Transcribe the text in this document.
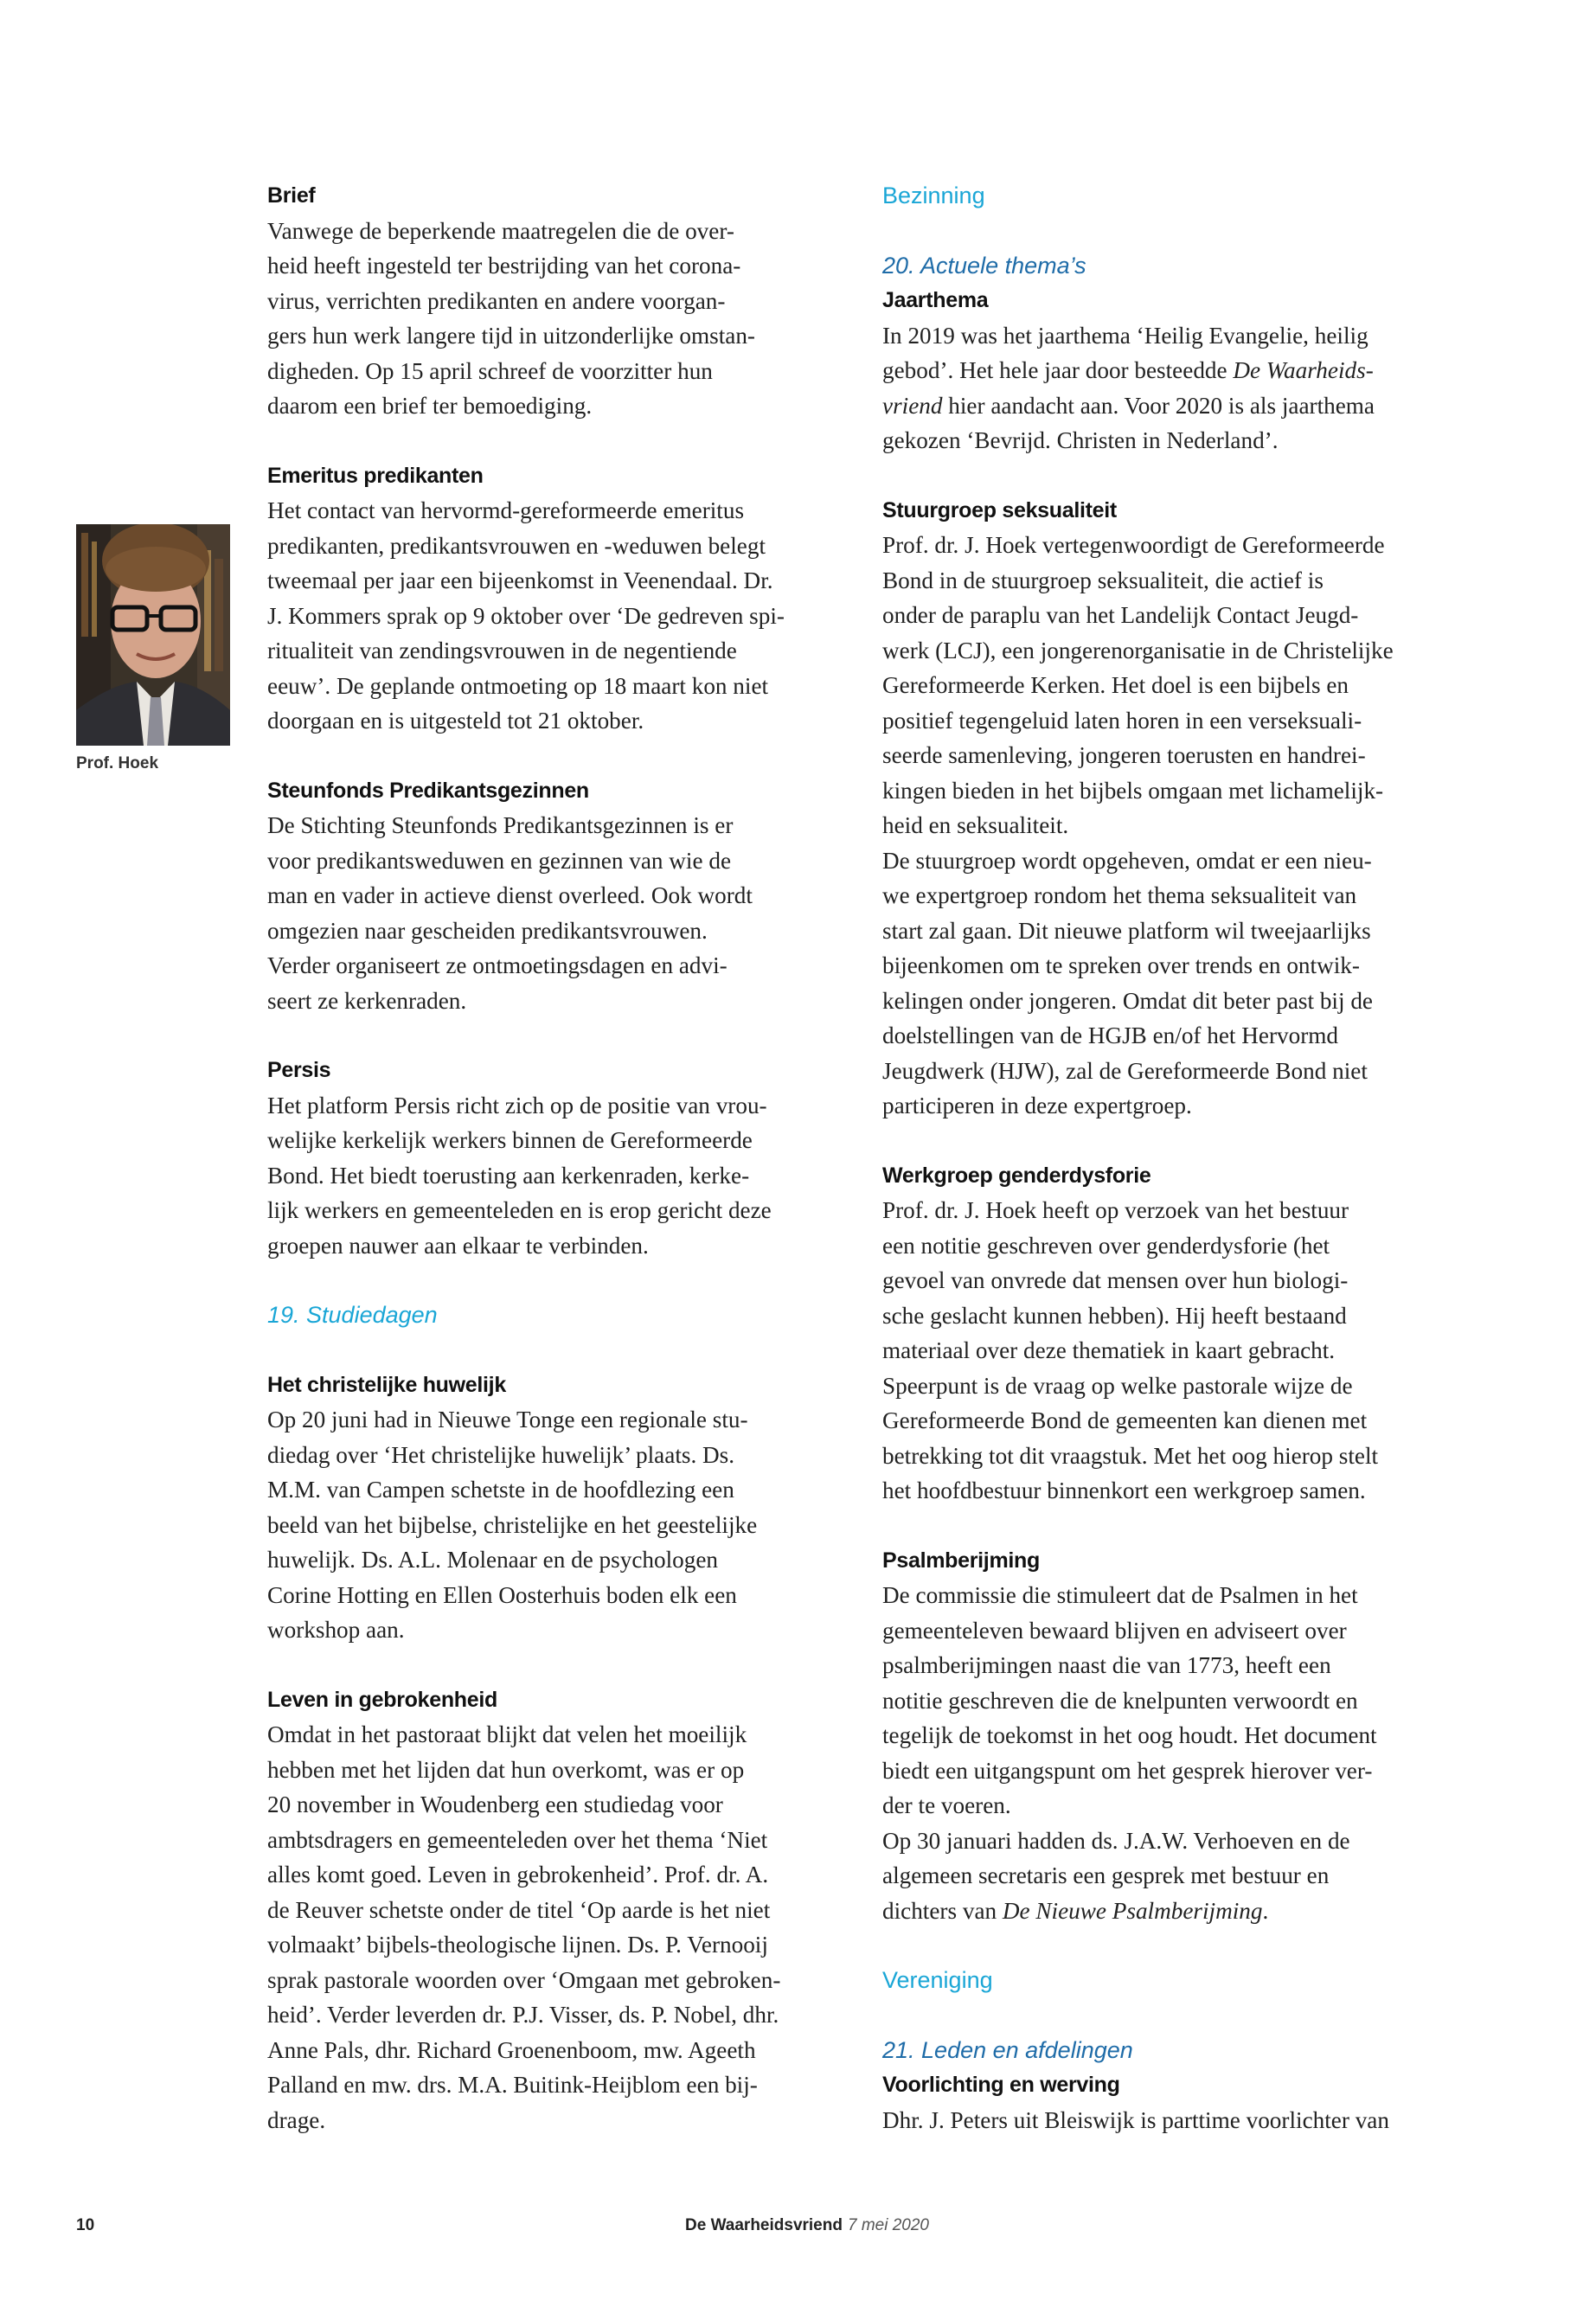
Brief
Vanwege de beperkende maatregelen die de over-
heid heeft ingesteld ter bestrijding van het corona-
virus, verrichten predikanten en andere voorgan-
gers hun werk langere tijd in uitzonderlijke omstan-
digheden. Op 15 april schreef de voorzitter hun
daarom een brief ter bemoediging.
Emeritus predikanten
Het contact van hervormd-gereformeerde emeritus
predikanten, predikantsvrouwen en -weduwen belegt
tweemaal per jaar een bijeenkomst in Veenendaal. Dr.
J. Kommers sprak op 9 oktober over ‘De gedreven spi-
ritualiteit van zendingsvrouwen in de negentiende
eeuw’. De geplande ontmoeting op 18 maart kon niet
doorgaan en is uitgesteld tot 21 oktober.
Steunfonds Predikantsgezinnen
De Stichting Steunfonds Predikantsgezinnen is er
voor predikantsweduwen en gezinnen van wie de
man en vader in actieve dienst overleed. Ook wordt
omgezien naar gescheiden predikantsvrouwen.
Verder organiseert ze ontmoetingsdagen en advi-
seert ze kerkenraden.
Persis
Het platform Persis richt zich op de positie van vrou-
welijke kerkelijk werkers binnen de Gereformeerde
Bond. Het biedt toerusting aan kerkenraden, kerke-
lijk werkers en gemeenteleden en is erop gericht deze
groepen nauwer aan elkaar te verbinden.
19. Studiedagen
Het christelijke huwelijk
Op 20 juni had in Nieuwe Tonge een regionale stu-
diedag over ‘Het christelijke huwelijk’ plaats. Ds.
M.M. van Campen schetste in de hoofdlezing een
beeld van het bijbelse, christelijke en het geestelijke
huwelijk. Ds. A.L. Molenaar en de psychologen
Corine Hotting en Ellen Oosterhuis boden elk een
workshop aan.
Leven in gebrokenheid
Omdat in het pastoraat blijkt dat velen het moeilijk
hebben met het lijden dat hun overkomt, was er op
20 november in Woudenberg een studiedag voor
ambtsdragers en gemeenteleden over het thema ‘Niet
alles komt goed. Leven in gebrokenheid’. Prof. dr. A.
de Reuver schetste onder de titel ‘Op aarde is het niet
volmaakt’ bijbels-theologische lijnen. Ds. P. Vernooij
sprak pastorale woorden over ‘Omgaan met gebroken-
heid’. Verder leverden dr. P.J. Visser, ds. P. Nobel, dhr.
Anne Pals, dhr. Richard Groenenboom, mw. Ageeth
Palland en mw. drs. M.A. Buitink-Heijblom een bij-
drage.
Bezinning
20. Actuele thema’s
Jaarthema
In 2019 was het jaarthema ‘Heilig Evangelie, heilig
gebod’. Het hele jaar door besteedde De Waarheids-
vriend hier aandacht aan. Voor 2020 is als jaarthema
gekozen ‘Bevrijd. Christen in Nederland’.
Stuurgroep seksualiteit
Prof. dr. J. Hoek vertegenwoordigt de Gereformeerde
Bond in de stuurgroep seksualiteit, die actief is
onder de paraplu van het Landelijk Contact Jeugd-
werk (LCJ), een jongerenorganisatie in de Christelijke
Gereformeerde Kerken. Het doel is een bijbels en
positief tegengeluid laten horen in een verseksuali-
seerde samenleving, jongeren toerusten en handrei-
kingen bieden in het bijbels omgaan met lichamelijk-
heid en seksualiteit.
De stuurgroep wordt opgeheven, omdat er een nieu-
we expertgroep rondom het thema seksualiteit van
start zal gaan. Dit nieuwe platform wil tweejaarlijks
bijeenkomen om te spreken over trends en ontwik-
kelingen onder jongeren. Omdat dit beter past bij de
doelstellingen van de HGJB en/of het Hervormd
Jeugdwerk (HJW), zal de Gereformeerde Bond niet
participeren in deze expertgroep.
Werkgroep genderdysforie
Prof. dr. J. Hoek heeft op verzoek van het bestuur
een notitie geschreven over genderdysforie (het
gevoel van onvrede dat mensen over hun biologi-
sche geslacht kunnen hebben). Hij heeft bestaand
materiaal over deze thematiek in kaart gebracht.
Speerpunt is de vraag op welke pastorale wijze de
Gereformeerde Bond de gemeenten kan dienen met
betrekking tot dit vraagstuk. Met het oog hierop stelt
het hoofdbestuur binnenkort een werkgroep samen.
Psalmberijming
De commissie die stimuleert dat de Psalmen in het
gemeenteleven bewaard blijven en adviseert over
psalmberijmingen naast die van 1773, heeft een
notitie geschreven die de knelpunten verwoordt en
tegelijk de toekomst in het oog houdt. Het document
biedt een uitgangspunt om het gesprek hierover ver-
der te voeren.
Op 30 januari hadden ds. J.A.W. Verhoeven en de
algemeen secretaris een gesprek met bestuur en
dichters van De Nieuwe Psalmberijming.
Vereniging
21. Leden en afdelingen
Voorlichting en werving
Dhr. J. Peters uit Bleiswijk is parttime voorlichter van
Prof. Hoek
10	De Waarheidsvriend 7 mei 2020
